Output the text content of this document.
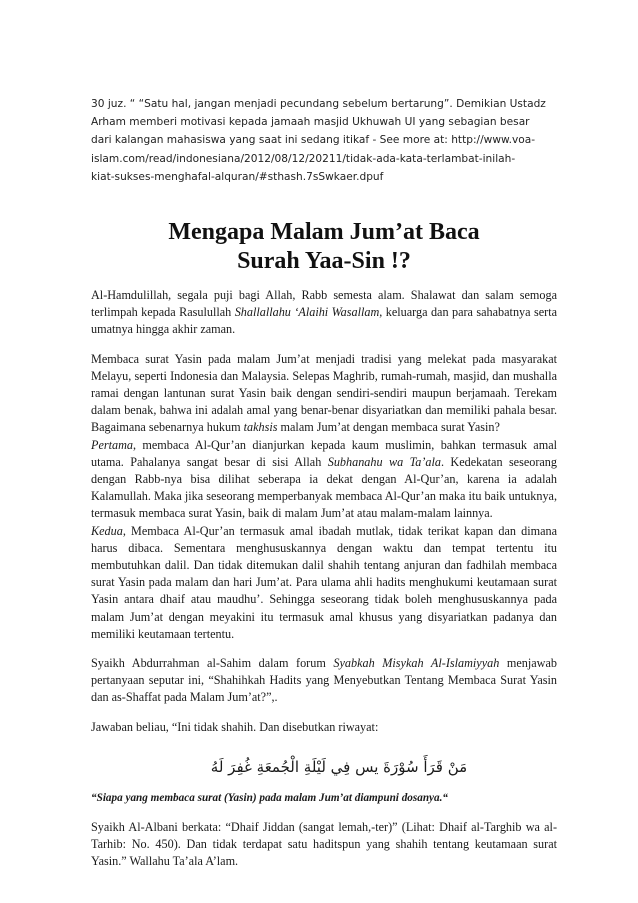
30 juz. “ “Satu hal, jangan menjadi pecundang sebelum bertarung”. Demikian Ustadz
Arham memberi motivasi kepada jamaah masjid Ukhuwah UI yang sebagian besar
dari kalangan mahasiswa yang saat ini sedang itikaf - See more at: http://www.voa-
islam.com/read/indonesiana/2012/08/12/20211/tidak-ada-kata-terlambat-inilah-
kiat-sukses-menghafal-alquran/#sthash.7sSwkaer.dpuf
Mengapa Malam Jum’at Baca
Surah Yaa-Sin !?

Al-Hamdulillah, segala puji bagi Allah, Rabb semesta alam. Shalawat dan salam semoga terlimpah kepada Rasulullah Shallallahu ‘Alaihi Wasallam, keluarga dan para sahabatnya serta umatnya hingga akhir zaman.

Membaca surat Yasin pada malam Jum’at menjadi tradisi yang melekat pada masyarakat Melayu, seperti Indonesia dan Malaysia. Selepas Maghrib, rumah-rumah, masjid, dan mushalla ramai dengan lantunan surat Yasin baik dengan sendiri-sendiri maupun berjamaah. Terekam dalam benak, bahwa ini adalah amal yang benar-benar disyariatkan dan memiliki pahala besar. Bagaimana sebenarnya hukum takhsis malam Jum’at dengan membaca surat Yasin?

Pertama, membaca Al-Qur’an dianjurkan kepada kaum muslimin, bahkan termasuk amal utama. Pahalanya sangat besar di sisi Allah Subhanahu wa Ta’ala. Kedekatan seseorang dengan Rabb-nya bisa dilihat seberapa ia dekat dengan Al-Qur’an, karena ia adalah Kalamullah. Maka jika seseorang memperbanyak membaca Al-Qur’an maka itu baik untuknya, termasuk membaca surat Yasin, baik di malam Jum’at atau malam-malam lainnya.

Kedua, Membaca Al-Qur’an termasuk amal ibadah mutlak, tidak terikat kapan dan dimana harus dibaca. Sementara menghususkannya dengan waktu dan tempat tertentu itu membutuhkan dalil. Dan tidak ditemukan dalil shahih tentang anjuran dan fadhilah membaca surat Yasin pada malam dan hari Jum’at. Para ulama ahli hadits menghukumi keutamaan surat Yasin antara dhaif atau maudhu’. Sehingga seseorang tidak boleh menghususkannya pada malam Jum’at dengan meyakini itu termasuk amal khusus yang disyariatkan padanya dan memiliki keutamaan tertentu.

Syaikh Abdurrahman al-Sahim dalam forum Syabkah Misykah Al-Islamiyyah menjawab pertanyaan seputar ini, “Shahihkah Hadits yang Menyebutkan Tentang Membaca Surat Yasin dan as-Shaffat pada Malam Jum’at?”,.

Jawaban beliau, “Ini tidak shahih. Dan disebutkan riwayat:

مَنْ قَرَأَ سُوْرَةَ يس فِي لَيْلَةِ الْجُمعَةِ غُفِرَ لَهُ

“Siapa yang membaca surat (Yasin) pada malam Jum’at diampuni dosanya.“

Syaikh Al-Albani berkata: “Dhaif Jiddan (sangat lemah,-ter)” (Lihat: Dhaif al-Targhib wa al-Tarhib: No. 450). Dan tidak terdapat satu haditspun yang shahih tentang keutamaan surat Yasin.” Wallahu Ta’ala A’lam.
